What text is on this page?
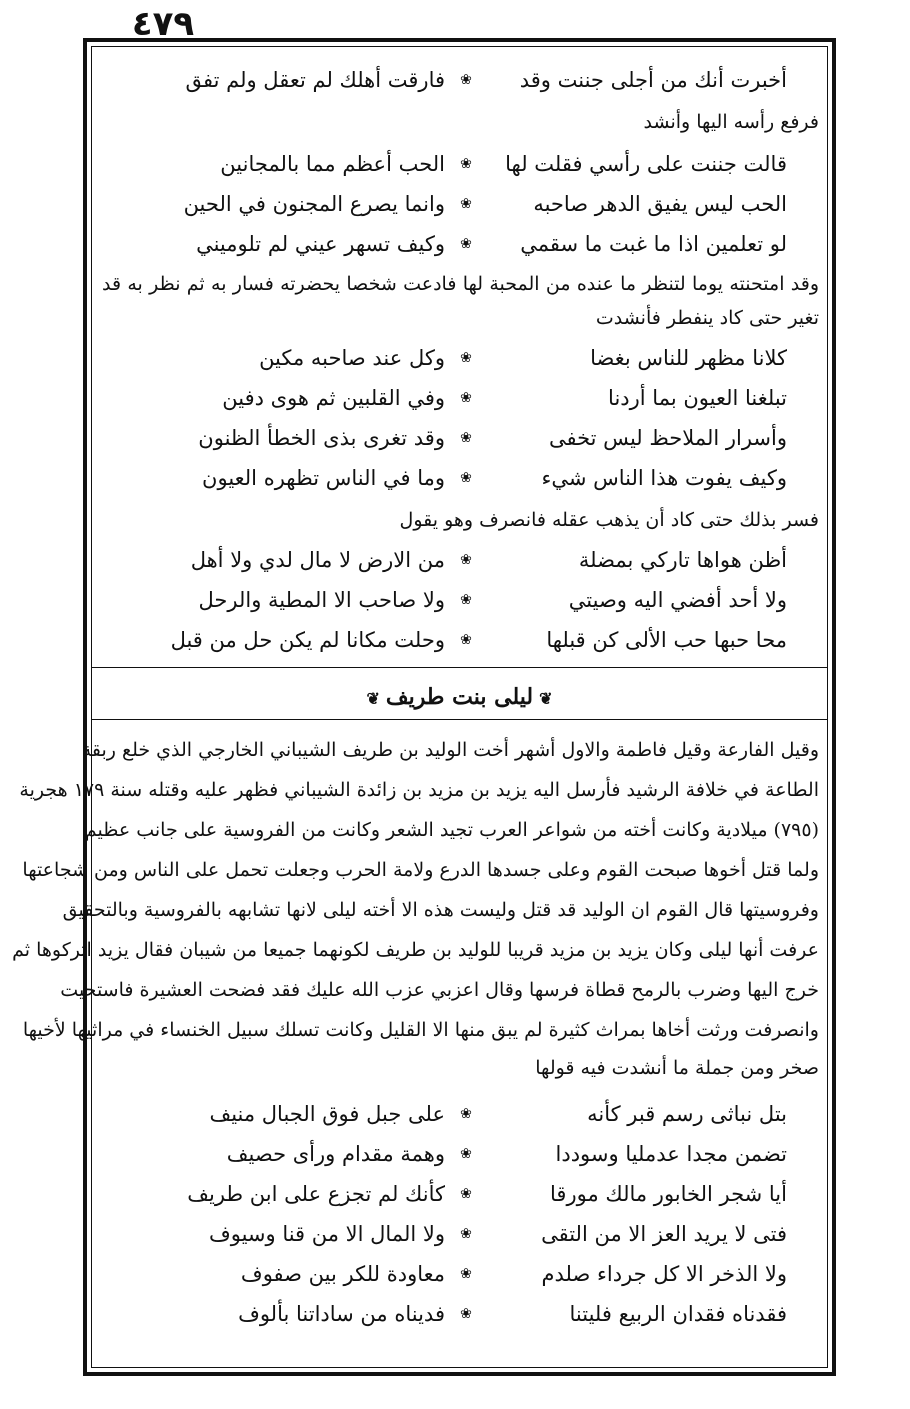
٤٧٩
أخبرت أنك من أجلى جننت وقد
❀
فارقت أهلك لم تعقل ولم تفق
فرفع رأسه اليها وأنشد
قالت جننت على رأسي فقلت لها
❀
الحب أعظم مما بالمجانين
الحب ليس يفيق الدهر صاحبه
❀
وانما يصرع المجنون في الحين
لو تعلمين اذا ما غبت ما سقمي
❀
وكيف تسهر عيني لم تلوميني
وقد امتحنته يوما لتنظر ما عنده من المحبة لها فادعت شخصا يحضرته فسار به ثم نظر به قد تغير حتى كاد ينفطر فأنشدت
كلانا مظهر للناس بغضا
❀
وكل عند صاحبه مكين
تبلغنا العيون بما أردنا
❀
وفي القلبين ثم هوى دفين
وأسرار الملاحظ ليس تخفى
❀
وقد تغرى بذى الخطأ الظنون
وكيف يفوت هذا الناس شيء
❀
وما في الناس تظهره العيون
فسر بذلك حتى كاد أن يذهب عقله فانصرف وهو يقول
أظن هواها تاركي بمضلة
❀
من الارض لا مال لدي ولا أهل
ولا أحد أفضي اليه وصيتي
❀
ولا صاحب الا المطية والرحل
محا حبها حب الألى كن قبلها
❀
وحلت مكانا لم يكن حل من قبل
❦ليلى بنت طريف❦
وقيل الفارعة وقيل فاطمة والاول أشهر أخت الوليد بن طريف الشيباني الخارجي الذي خلع ربقة
الطاعة في خلافة الرشيد فأرسل اليه يزيد بن مزيد بن زائدة الشيباني فظهر عليه وقتله سنة ١٧٩ هجرية
(٧٩٥) ميلادية وكانت أخته من شواعر العرب تجيد الشعر وكانت من الفروسية على جانب عظيم
ولما قتل أخوها صبحت القوم وعلى جسدها الدرع ولامة الحرب وجعلت تحمل على الناس ومن شجاعتها
وفروسيتها قال القوم ان الوليد قد قتل وليست هذه الا أخته ليلى لانها تشابهه بالفروسية وبالتحقيق
عرفت أنها ليلى وكان يزيد بن مزيد قريبا للوليد بن طريف لكونهما جميعا من شيبان فقال يزيد اتركوها ثم
خرج اليها وضرب بالرمح قطاة فرسها وقال اعزبي عزب الله عليك فقد فضحت العشيرة فاستحيت
وانصرفت ورثت أخاها بمراث كثيرة لم يبق منها الا القليل وكانت تسلك سبيل الخنساء في مراثيها لأخيها
صخر ومن جملة ما أنشدت فيه قولها
بتل نباثى رسم قبر كأنه
❀
على جبل فوق الجبال منيف
تضمن مجدا عدمليا وسوددا
❀
وهمة مقدام ورأى حصيف
أيا شجر الخابور مالك مورقا
❀
كأنك لم تجزع على ابن طريف
فتى لا يريد العز الا من التقى
❀
ولا المال الا من قنا وسيوف
ولا الذخر الا كل جرداء صلدم
❀
معاودة للكر بين صفوف
فقدناه فقدان الربيع فليتنا
❀
فديناه من ساداتنا بألوف
